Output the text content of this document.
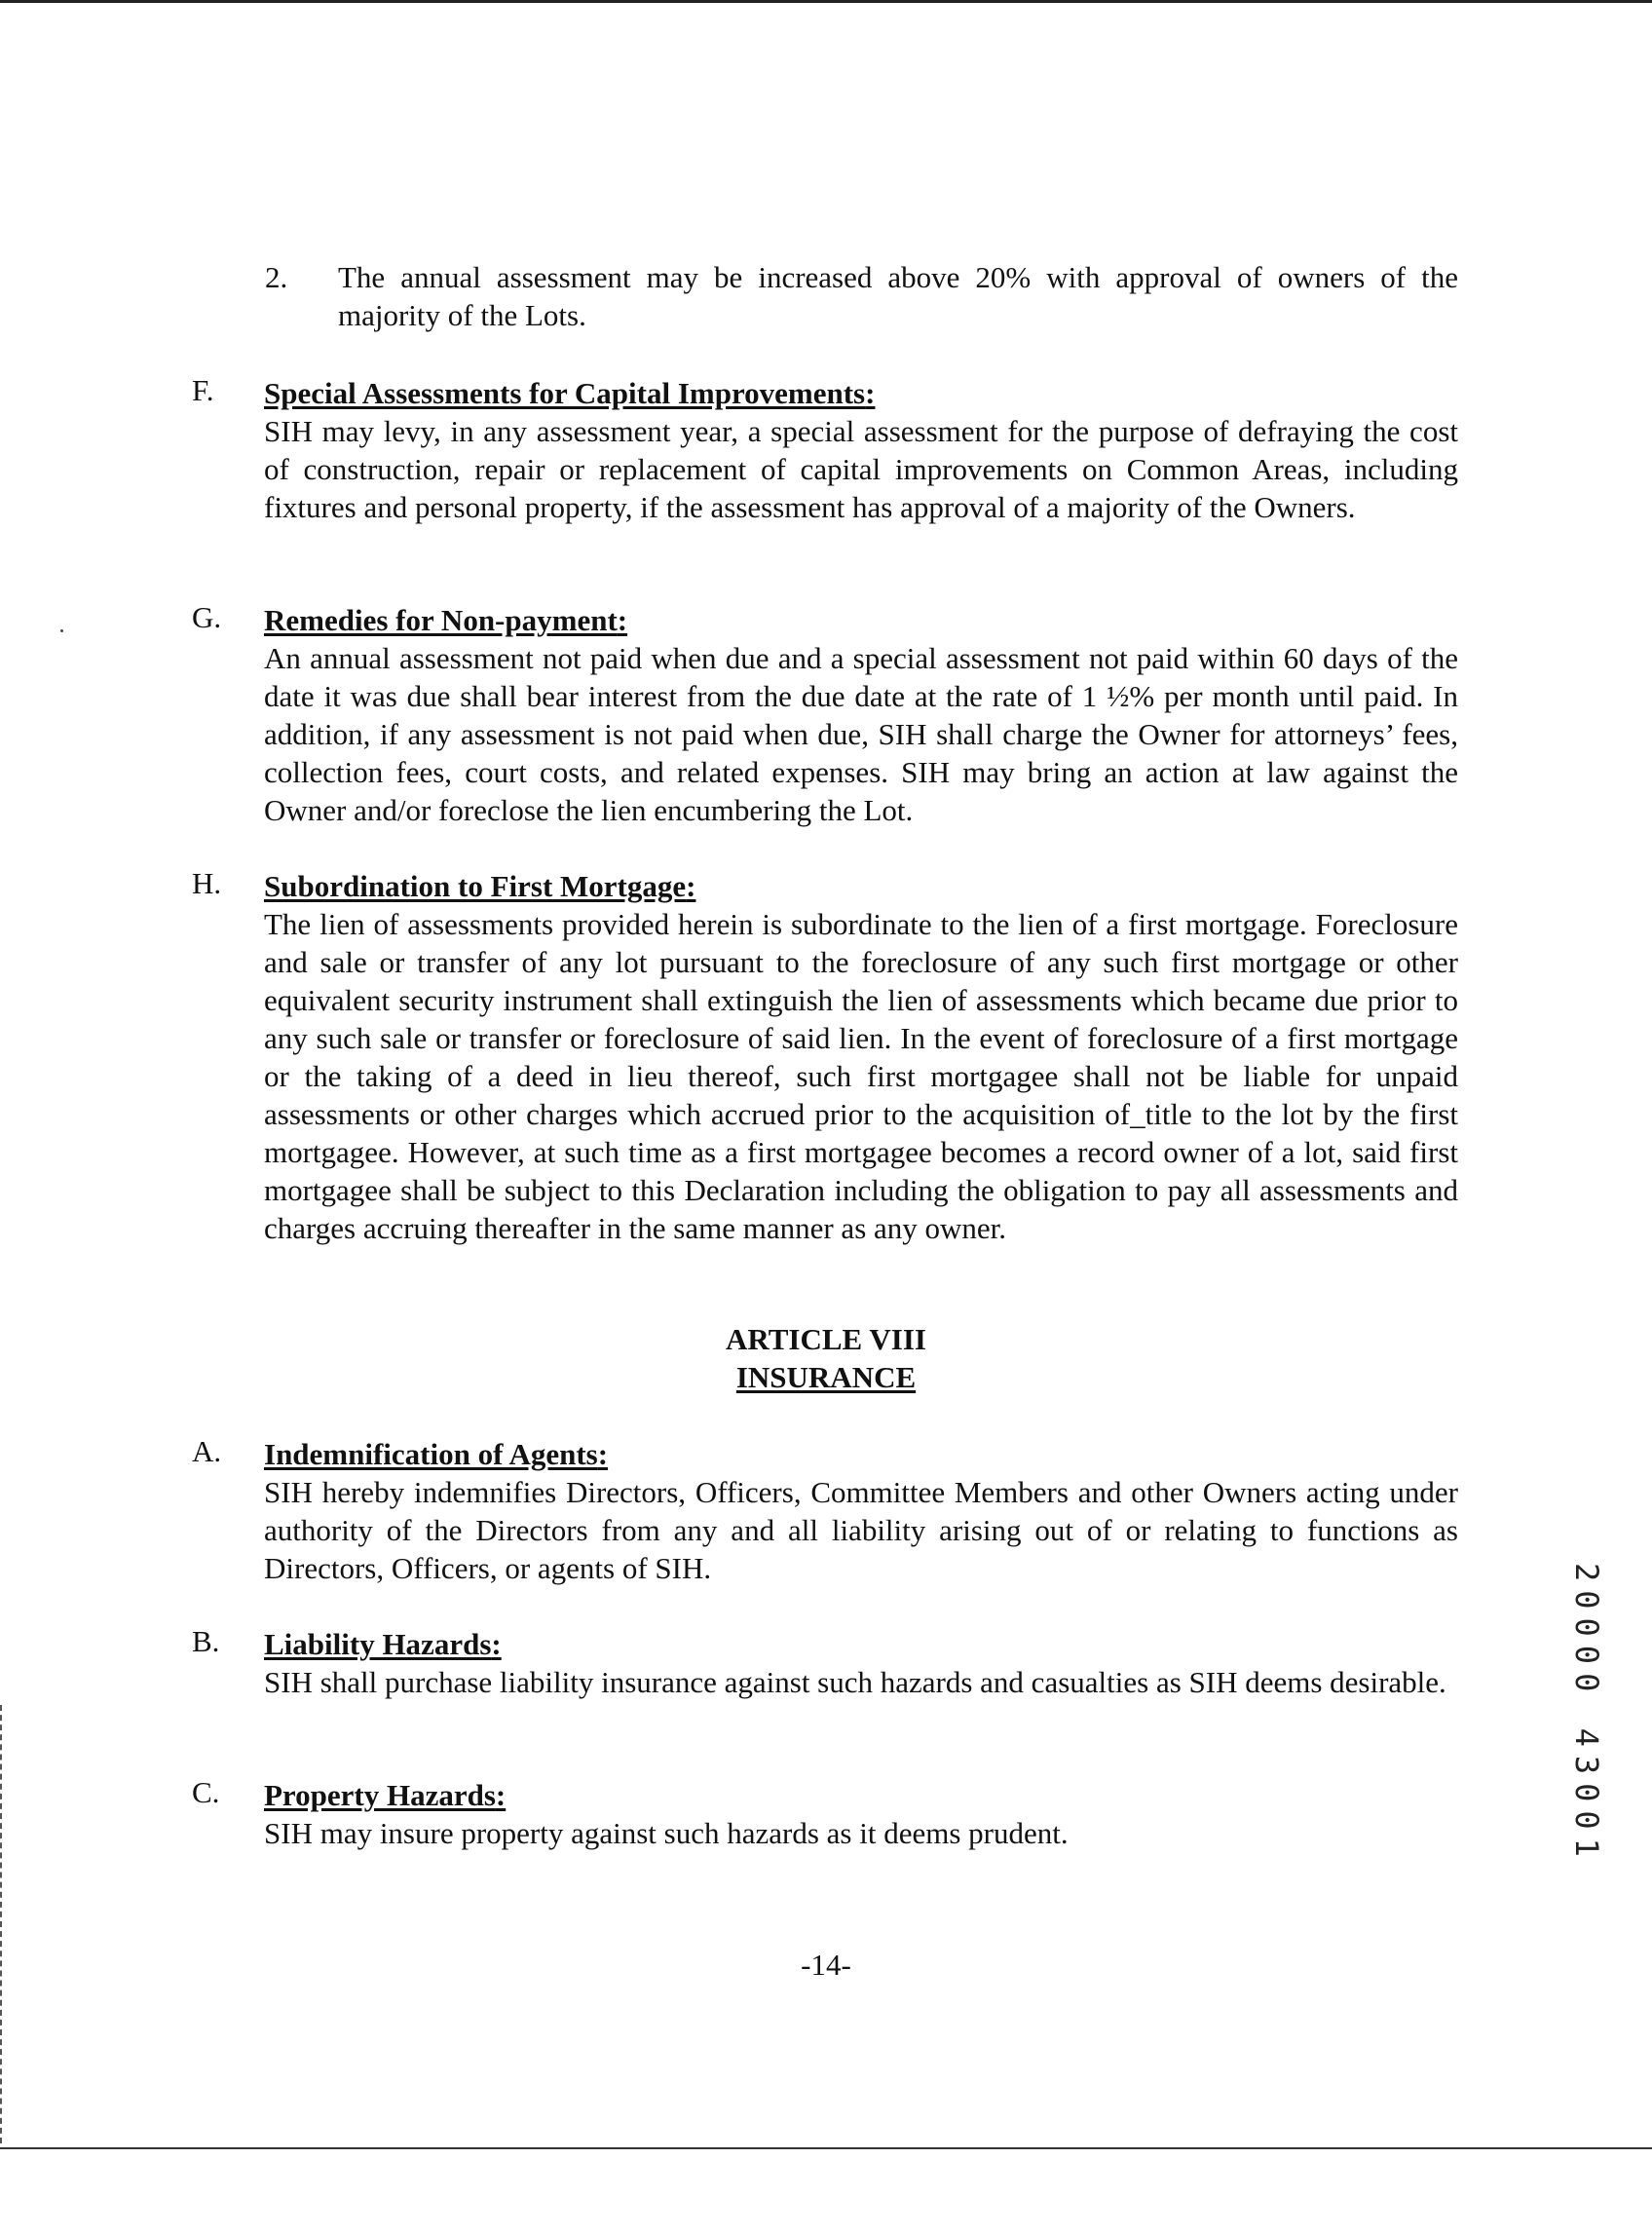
2. The annual assessment may be increased above 20% with approval of owners of the majority of the Lots.

F. Special Assessments for Capital Improvements:

SIH may levy, in any assessment year, a special assessment for the purpose of defraying the cost of construction, repair or replacement of capital improvements on Common Areas, including fixtures and personal property, if the assessment has approval of a majority of the Owners.

G. Remedies for Non-payment:

An annual assessment not paid when due and a special assessment not paid within 60 days of the date it was due shall bear interest from the due date at the rate of 1 ½% per month until paid. In addition, if any assessment is not paid when due, SIH shall charge the Owner for attorneys’ fees, collection fees, court costs, and related expenses. SIH may bring an action at law against the Owner and/or foreclose the lien encumbering the Lot.

H. Subordination to First Mortgage:

The lien of assessments provided herein is subordinate to the lien of a first mortgage. Foreclosure and sale or transfer of any lot pursuant to the foreclosure of any such first mortgage or other equivalent security instrument shall extinguish the lien of assessments which became due prior to any such sale or transfer or foreclosure of said lien. In the event of foreclosure of a first mortgage or the taking of a deed in lieu thereof, such first mortgagee shall not be liable for unpaid assessments or other charges which accrued prior to the acquisition of_title to the lot by the first mortgagee. However, at such time as a first mortgagee becomes a record owner of a lot, said first mortgagee shall be subject to this Declaration including the obligation to pay all assessments and charges accruing thereafter in the same manner as any owner.

ARTICLE VIII
INSURANCE
A. Indemnification of Agents:

SIH hereby indemnifies Directors, Officers, Committee Members and other Owners acting under authority of the Directors from any and all liability arising out of or relating to functions as Directors, Officers, or agents of SIH.

B. Liability Hazards:

SIH shall purchase liability insurance against such hazards and casualties as SIH deems desirable.

C. Property Hazards:

SIH may insure property against such hazards as it deems prudent.

-14-
20000 43001
